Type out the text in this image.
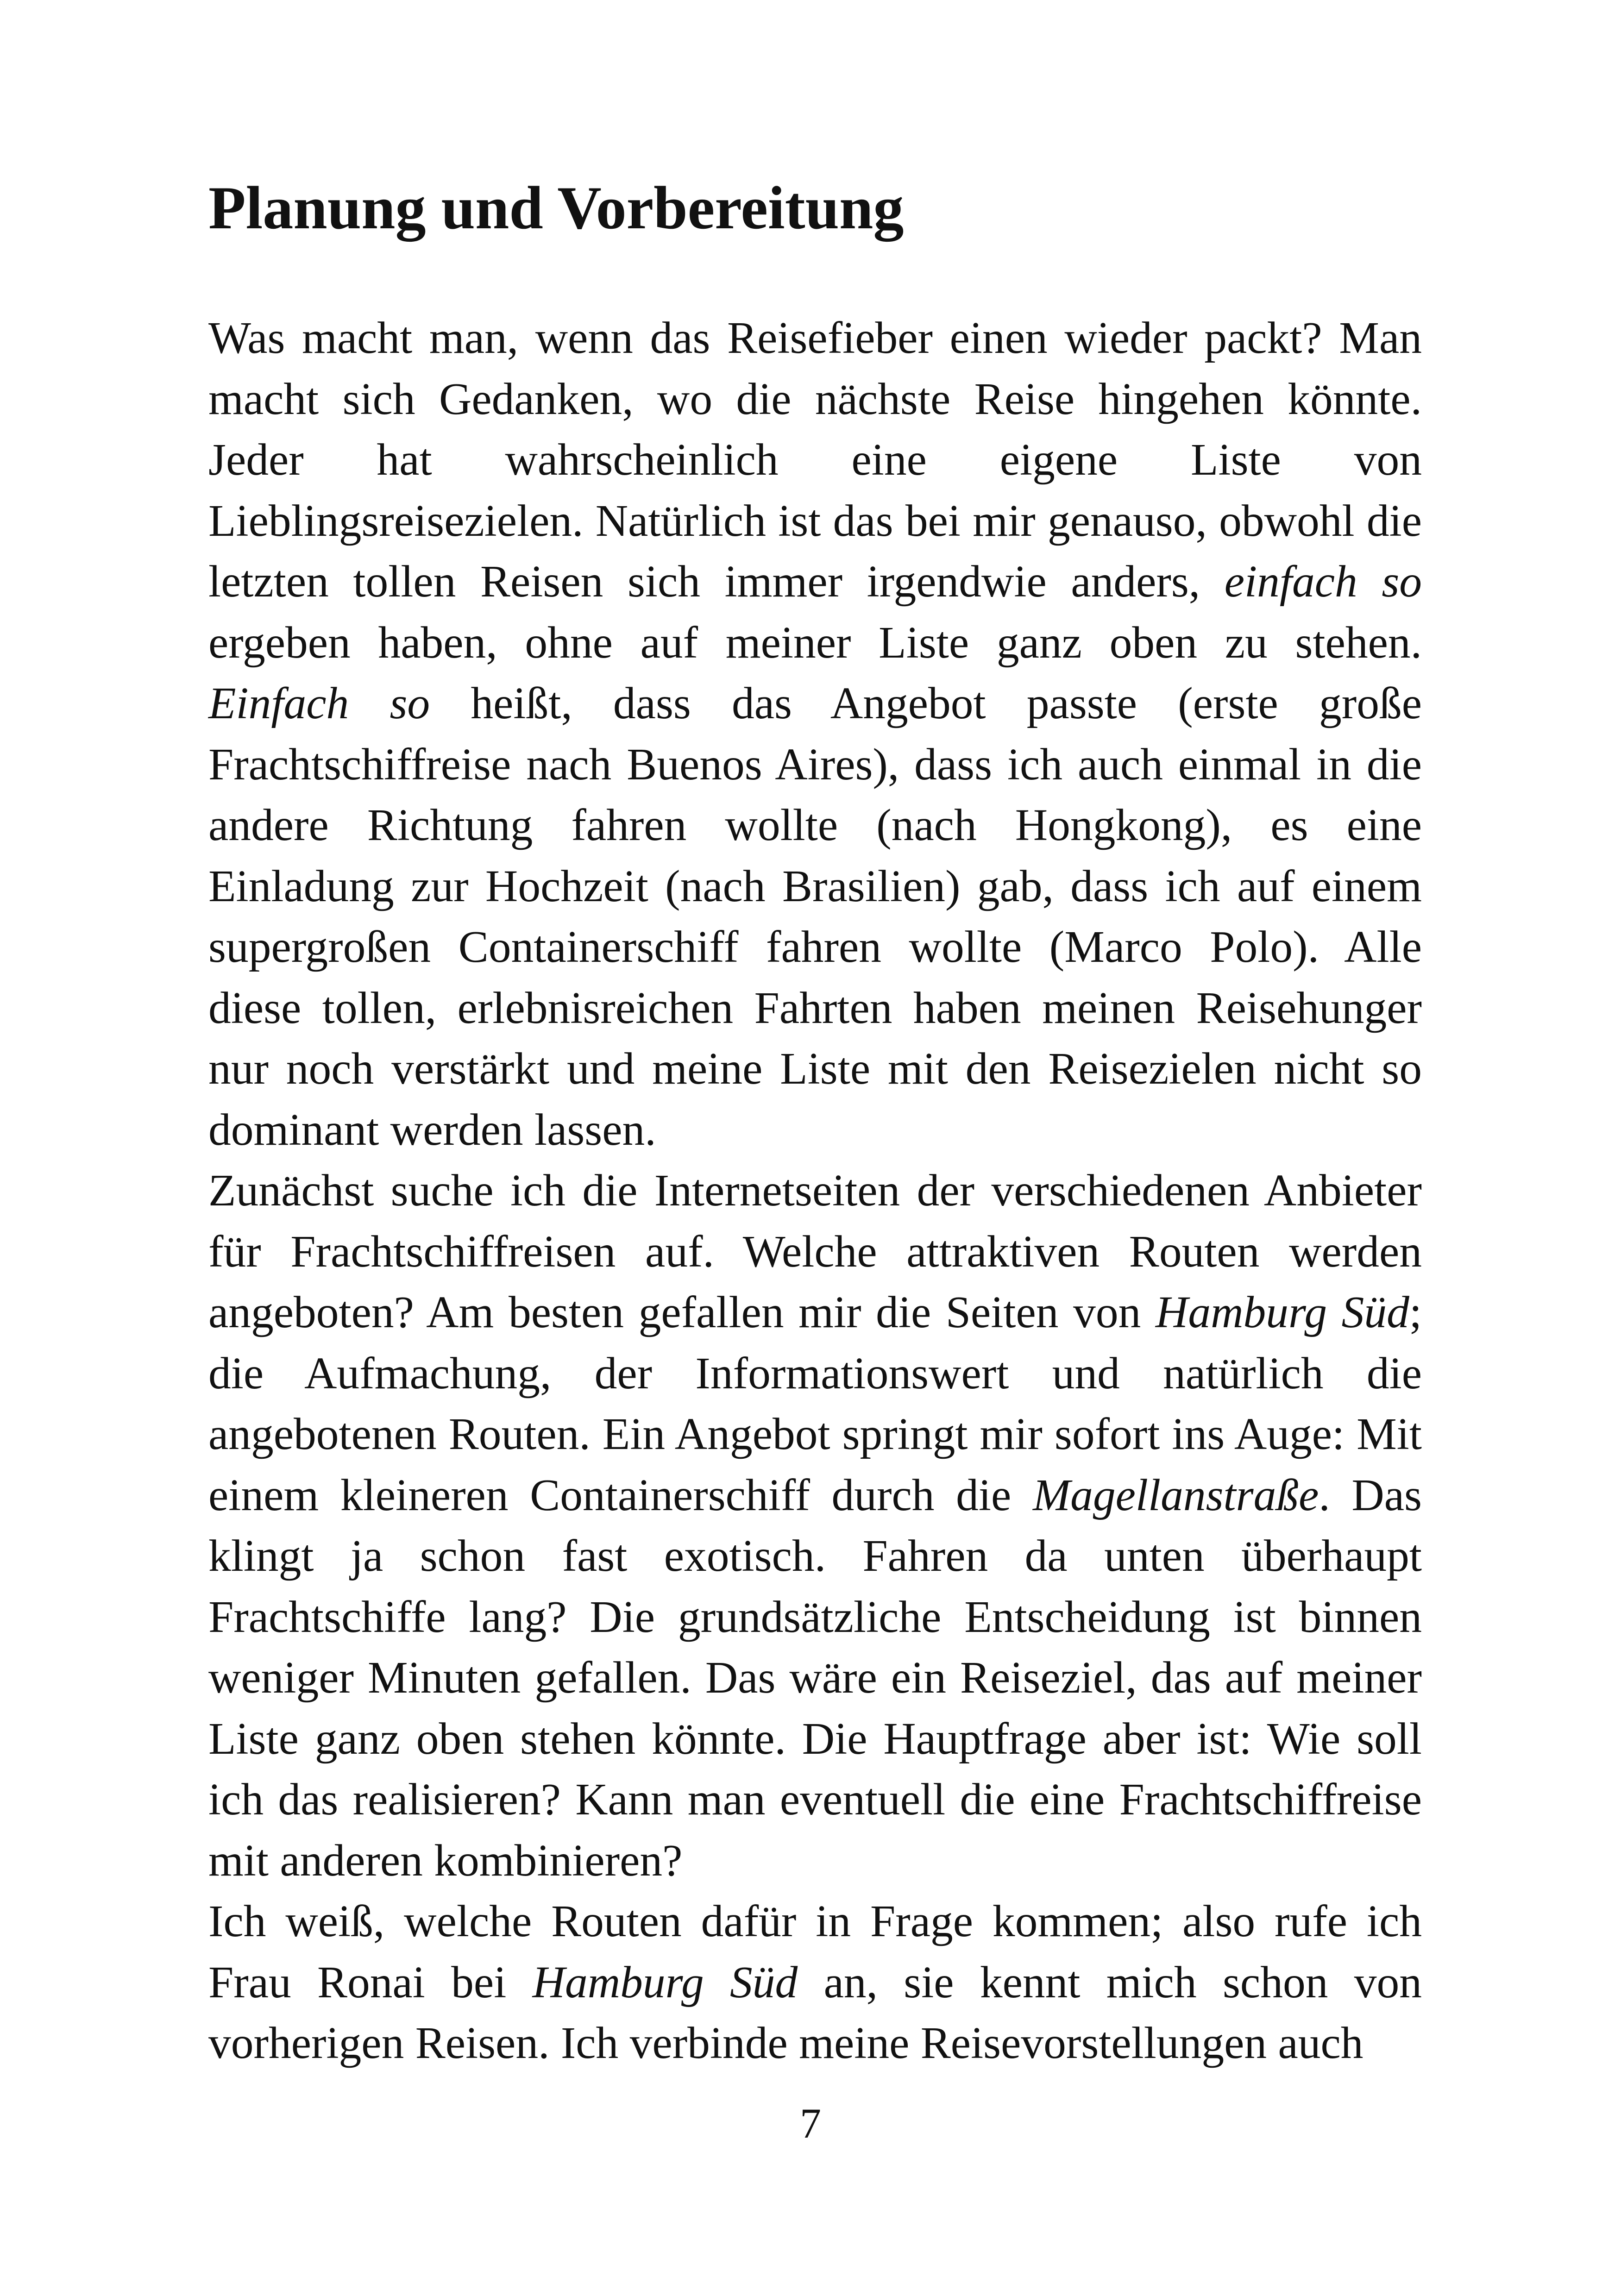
Planung und Vorbereitung

Was macht man, wenn das Reisefieber einen wieder packt? Man macht sich Gedanken, wo die nächste Reise hingehen könnte. Jeder hat wahrscheinlich eine eigene Liste von Lieblingsreisezielen. Natürlich ist das bei mir genauso, obwohl die letzten tollen Reisen sich immer irgendwie anders, einfach so ergeben haben, ohne auf meiner Liste ganz oben zu stehen. Einfach so heißt, dass das Angebot passte (erste große Frachtschiffreise nach Buenos Aires), dass ich auch einmal in die andere Richtung fahren wollte (nach Hongkong), es eine Einladung zur Hochzeit (nach Brasilien) gab, dass ich auf einem supergroßen Containerschiff fahren wollte (Marco Polo). Alle diese tollen, erlebnisreichen Fahrten haben meinen Reisehunger nur noch verstärkt und meine Liste mit den Reisezielen nicht so dominant werden lassen.

Zunächst suche ich die Internetseiten der verschiedenen Anbieter für Frachtschiffreisen auf. Welche attraktiven Routen werden angeboten? Am besten gefallen mir die Seiten von Hamburg Süd; die Aufmachung, der Informationswert und natürlich die angebotenen Routen. Ein Angebot springt mir sofort ins Auge: Mit einem kleineren Containerschiff durch die Magellanstraße. Das klingt ja schon fast exotisch. Fahren da unten überhaupt Frachtschiffe lang? Die grundsätzliche Entscheidung ist binnen weniger Minuten gefallen. Das wäre ein Reiseziel, das auf meiner Liste ganz oben stehen könnte. Die Hauptfrage aber ist: Wie soll ich das realisieren? Kann man eventuell die eine Frachtschiffreise mit anderen kombinieren?

Ich weiß, welche Routen dafür in Frage kommen; also rufe ich Frau Ronai bei Hamburg Süd an, sie kennt mich schon von vorherigen Reisen. Ich verbinde meine Reisevorstellungen auch

7
